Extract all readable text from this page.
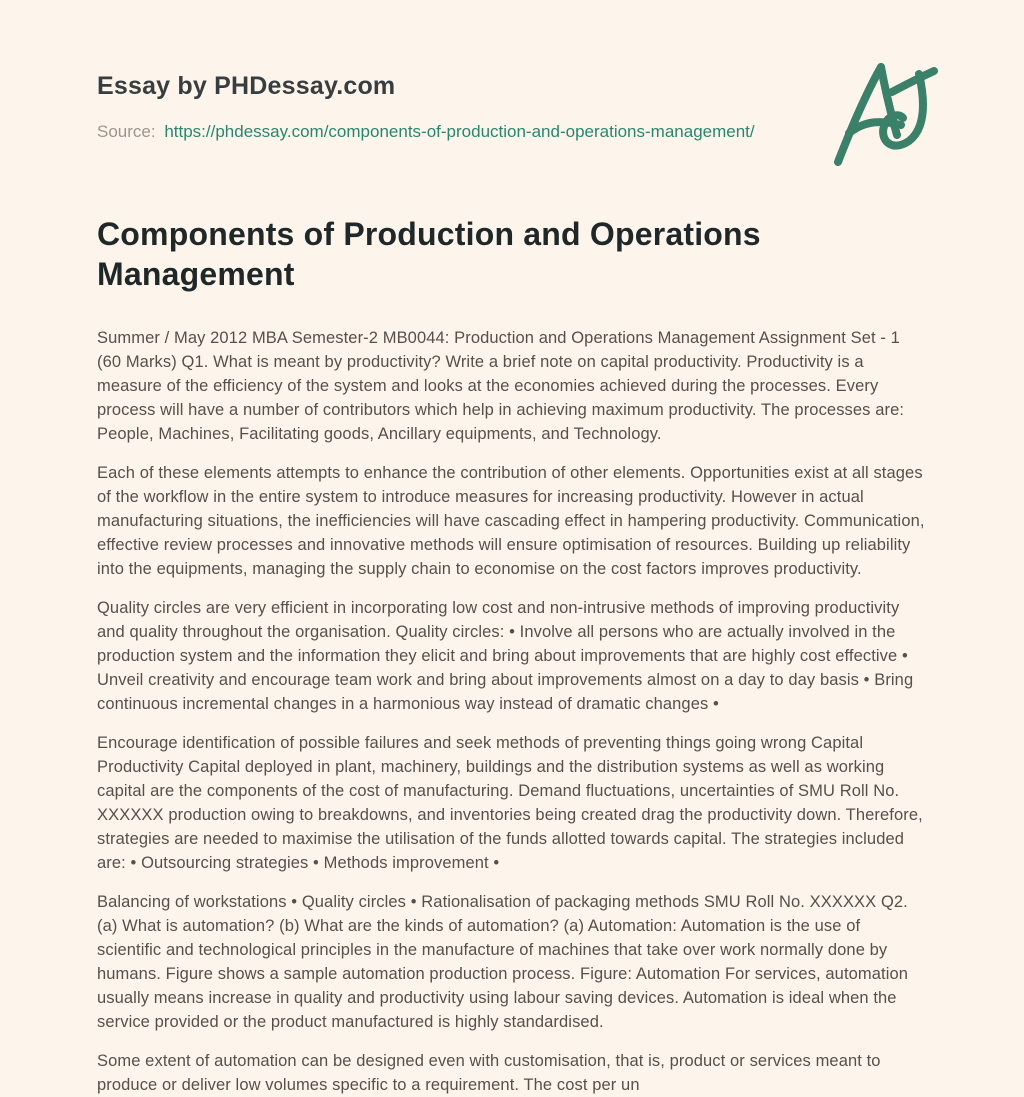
Essay by PHDessay.com
Source: https://phdessay.com/components-of-production-and-operations-management/
Components of Production and Operations Management

Summer / May 2012 MBA Semester-2 MB0044: Production and Operations Management Assignment Set - 1 (60 Marks) Q1. What is meant by productivity? Write a brief note on capital productivity. Productivity is a measure of the efficiency of the system and looks at the economies achieved during the processes. Every process will have a number of contributors which help in achieving maximum productivity. The processes are: People, Machines, Facilitating goods, Ancillary equipments, and Technology.

Each of these elements attempts to enhance the contribution of other elements. Opportunities exist at all stages of the workflow in the entire system to introduce measures for increasing productivity. However in actual manufacturing situations, the inefficiencies will have cascading effect in hampering productivity. Communication, effective review processes and innovative methods will ensure optimisation of resources. Building up reliability into the equipments, managing the supply chain to economise on the cost factors improves productivity.

Quality circles are very efficient in incorporating low cost and non-intrusive methods of improving productivity and quality throughout the organisation. Quality circles: • Involve all persons who are actually involved in the production system and the information they elicit and bring about improvements that are highly cost effective • Unveil creativity and encourage team work and bring about improvements almost on a day to day basis • Bring continuous incremental changes in a harmonious way instead of dramatic changes •

Encourage identification of possible failures and seek methods of preventing things going wrong Capital Productivity Capital deployed in plant, machinery, buildings and the distribution systems as well as working capital are the components of the cost of manufacturing. Demand fluctuations, uncertainties of SMU Roll No. XXXXXX production owing to breakdowns, and inventories being created drag the productivity down. Therefore, strategies are needed to maximise the utilisation of the funds allotted towards capital. The strategies included are: • Outsourcing strategies • Methods improvement •

Balancing of workstations • Quality circles • Rationalisation of packaging methods SMU Roll No. XXXXXX Q2. (a) What is automation? (b) What are the kinds of automation? (a) Automation: Automation is the use of scientific and technological principles in the manufacture of machines that take over work normally done by humans. Figure shows a sample automation production process. Figure: Automation For services, automation usually means increase in quality and productivity using labour saving devices. Automation is ideal when the service provided or the product manufactured is highly standardised.

Some extent of automation can be designed even with customisation, that is, product or services meant to produce or deliver low volumes specific to a requirement. The cost per un
